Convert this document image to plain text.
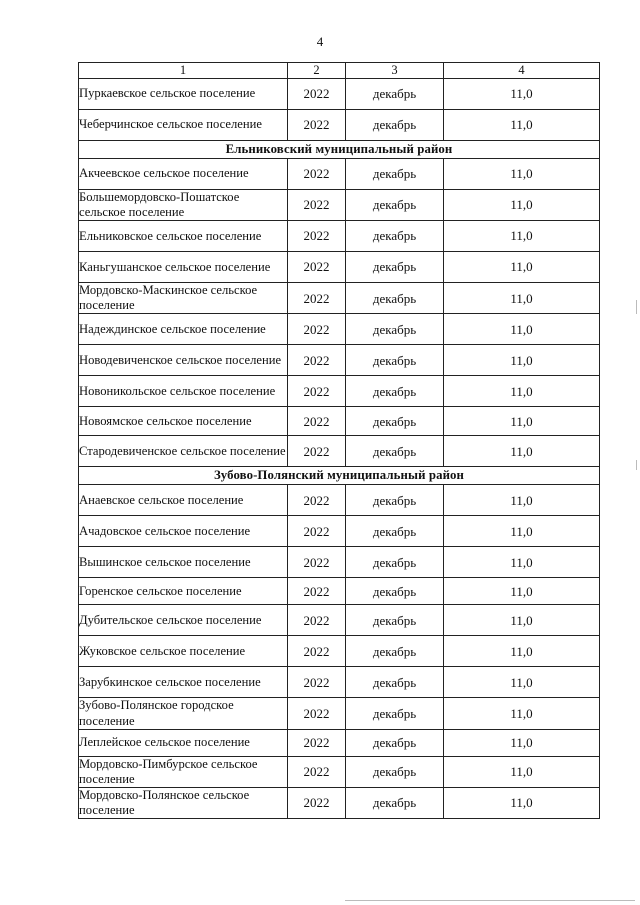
4
1	2	3	4
Пуркаевское сельское поселение	2022	декабрь	11,0
Чеберчинское сельское поселение	2022	декабрь	11,0
Ельниковский муниципальный район			
Акчеевское сельское поселение	2022	декабрь	11,0
Большемордовско-Пошатское сельское поселение	2022	декабрь	11,0
Ельниковское сельское поселение	2022	декабрь	11,0
Каньгушанское сельское поселение	2022	декабрь	11,0
Мордовско-Маскинское сельское поселение	2022	декабрь	11,0
Надеждинское сельское поселение	2022	декабрь	11,0
Новодевиченское сельское поселение	2022	декабрь	11,0
Новоникольское сельское поселение	2022	декабрь	11,0
Новоямское сельское поселение	2022	декабрь	11,0
Стародевиченское сельское поселение	2022	декабрь	11,0
Зубово-Полянский муниципальный район			
Анаевское сельское поселение	2022	декабрь	11,0
Ачадовское сельское поселение	2022	декабрь	11,0
Вышинское сельское поселение	2022	декабрь	11,0
Горенское сельское поселение	2022	декабрь	11,0
Дубительское сельское поселение	2022	декабрь	11,0
Жуковское сельское поселение	2022	декабрь	11,0
Зарубкинское сельское поселение	2022	декабрь	11,0
Зубово-Полянское городское поселение	2022	декабрь	11,0
Леплейское сельское поселение	2022	декабрь	11,0
Мордовско-Пимбурское сельское поселение	2022	декабрь	11,0
Мордовско-Полянское сельское поселение	2022	декабрь	11,0
